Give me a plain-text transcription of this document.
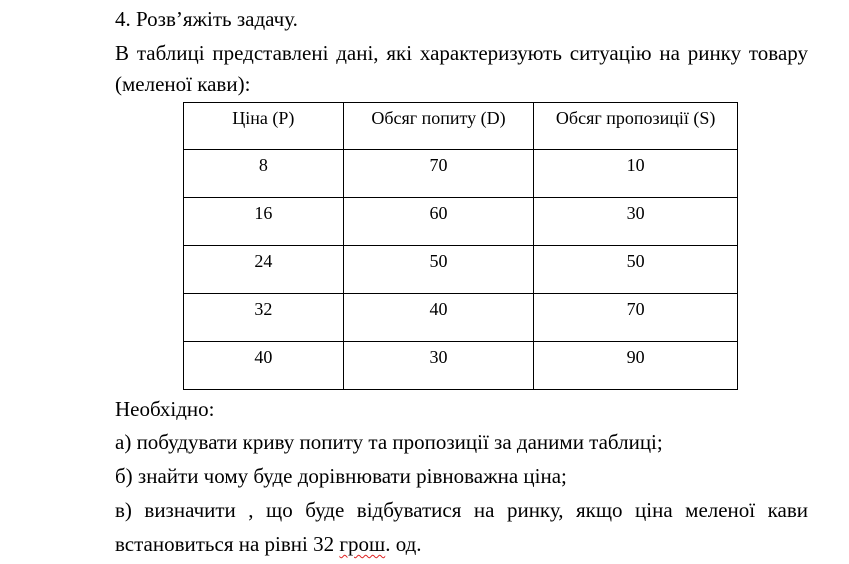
4. Розв’яжіть задачу.
В таблиці представлені дані, які характеризують ситуацію на ринку товару
(меленої кави):
Ціна (Р)	Обсяг попиту (D)	Обсяг пропозиції (S)
8	70	10
16	60	30
24	50	50
32	40	70
40	30	90
Необхідно:
а) побудувати криву попиту та пропозиції за даними таблиці;
б) знайти чому буде дорівнювати рівноважна ціна;
в) визначити , що буде відбуватися на ринку, якщо ціна меленої кави
встановиться на рівні 32 грош. од.
